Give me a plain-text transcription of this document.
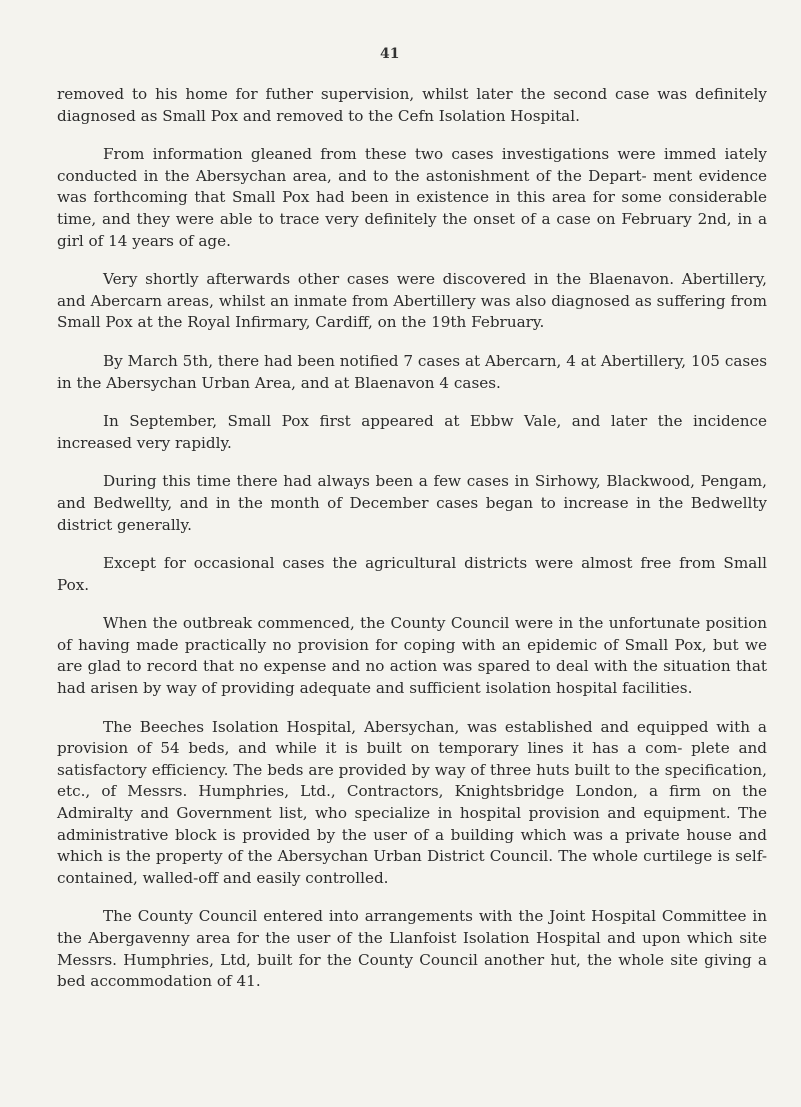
41

removed to his home for futher supervision, whilst later the second case was definitely diagnosed as Small Pox and removed to the Cefn Isolation Hospital.

From information gleaned from these two cases investigations were immed iately conducted in the Abersychan area, and to the astonishment of the Depart- ment evidence was forthcoming that Small Pox had been in existence in this area for some considerable time, and they were able to trace very definitely the onset of a case on February 2nd, in a girl of 14 years of age.

Very shortly afterwards other cases were discovered in the Blaenavon. Abertillery, and Abercarn areas, whilst an inmate from Abertillery was also diagnosed as suffering from Small Pox at the Royal Infirmary, Cardiff, on the 19th February.

By March 5th, there had been notified 7 cases at Abercarn, 4 at Abertillery, 105 cases in the Abersychan Urban Area, and at Blaenavon 4 cases.

In September, Small Pox first appeared at Ebbw Vale, and later the incidence increased very rapidly.

During this time there had always been a few cases in Sirhowy, Blackwood, Pengam, and Bedwellty, and in the month of December cases began to increase in the Bedwellty district generally.

Except for occasional cases the agricultural districts were almost free from Small Pox.

When the outbreak commenced, the County Council were in the unfortunate position of having made practically no provision for coping with an epidemic of Small Pox, but we are glad to record that no expense and no action was spared to deal with the situation that had arisen by way of providing adequate and sufficient isolation hospital facilities.

The Beeches Isolation Hospital, Abersychan, was established and equipped with a provision of 54 beds, and while it is built on temporary lines it has a com- plete and satisfactory efficiency. The beds are provided by way of three huts built to the specification, etc., of Messrs. Humphries, Ltd., Contractors, Knightsbridge London, a firm on the Admiralty and Government list, who specialize in hospital provision and equipment. The administrative block is provided by the user of a building which was a private house and which is the property of the Abersychan Urban District Council. The whole curtilege is self-contained, walled-off and easily controlled.

The County Council entered into arrangements with the Joint Hospital Committee in the Abergavenny area for the user of the Llanfoist Isolation Hospital and upon which site Messrs. Humphries, Ltd, built for the County Council another hut, the whole site giving a bed accommodation of 41.
